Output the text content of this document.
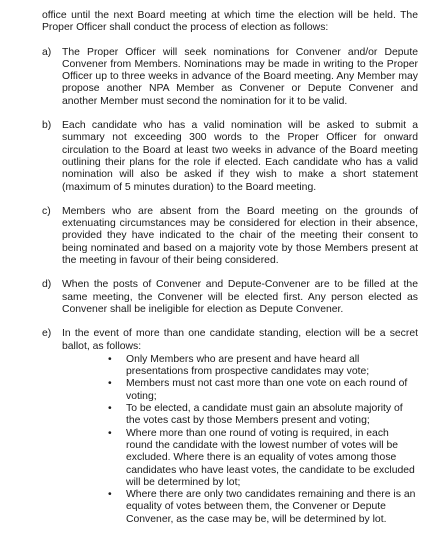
office until the next Board meeting at which time the election will be held. The Proper Officer shall conduct the process of election as follows:

a) The Proper Officer will seek nominations for Convener and/or Depute Convener from Members. Nominations may be made in writing to the Proper Officer up to three weeks in advance of the Board meeting. Any Member may propose another NPA Member as Convener or Depute Convener and another Member must second the nomination for it to be valid.
b) Each candidate who has a valid nomination will be asked to submit a summary not exceeding 300 words to the Proper Officer for onward circulation to the Board at least two weeks in advance of the Board meeting outlining their plans for the role if elected. Each candidate who has a valid nomination will also be asked if they wish to make a short statement (maximum of 5 minutes duration) to the Board meeting.
c) Members who are absent from the Board meeting on the grounds of extenuating circumstances may be considered for election in their absence, provided they have indicated to the chair of the meeting their consent to being nominated and based on a majority vote by those Members present at the meeting in favour of their being considered.
d) When the posts of Convener and Depute-Convener are to be filled at the same meeting, the Convener will be elected first. Any person elected as Convener shall be ineligible for election as Depute Convener.
e) In the event of more than one candidate standing, election will be a secret ballot, as follows:
• Only Members who are present and have heard all presentations from prospective candidates may vote;
• Members must not cast more than one vote on each round of voting;
• To be elected, a candidate must gain an absolute majority of the votes cast by those Members present and voting;
• Where more than one round of voting is required, in each round the candidate with the lowest number of votes will be excluded. Where there is an equality of votes among those candidates who have least votes, the candidate to be excluded will be determined by lot;
• Where there are only two candidates remaining and there is an equality of votes between them, the Convener or Depute Convener, as the case may be, will be determined by lot.
